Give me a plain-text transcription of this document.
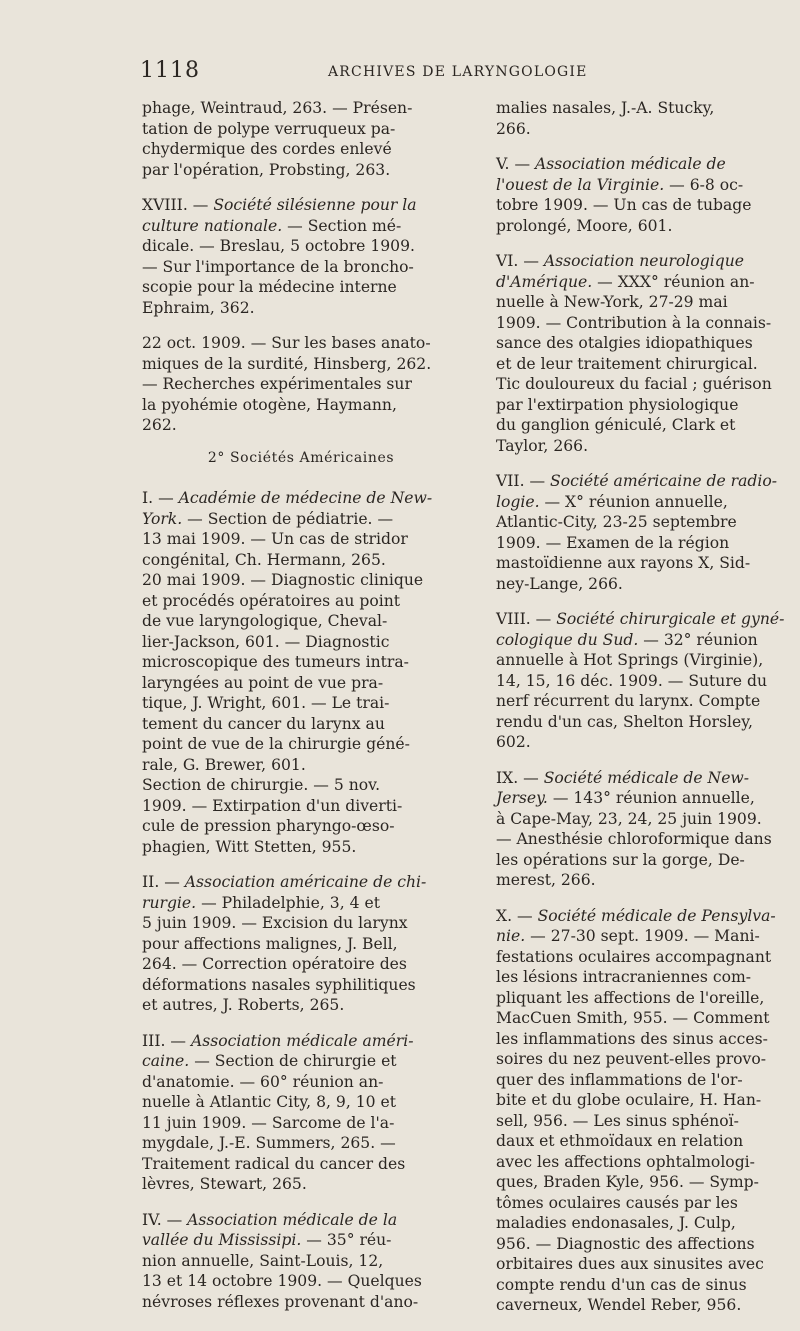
1118	ARCHIVES DE LARYNGOLOGIE

phage, Weintraud, 263. — Présen-
tation de polype verruqueux pa-
chydermique des cordes enlevé
par l'opération, Probsting, 263.

XVIII. — Société silésienne pour la
culture nationale. — Section mé-
dicale. — Breslau, 5 octobre 1909.
— Sur l'importance de la broncho-
scopie pour la médecine interne
Ephraim, 362.

22 oct. 1909. — Sur les bases anato-
miques de la surdité, Hinsberg, 262.
— Recherches expérimentales sur
la pyohémie otogène, Haymann,
262.

2° Sociétés Américaines

I. — Académie de médecine de New-
York. — Section de pédiatrie. —
13 mai 1909. — Un cas de stridor
congénital, Ch. Hermann, 265.

20 mai 1909. — Diagnostic clinique
et procédés opératoires au point
de vue laryngologique, Cheval-
lier-Jackson, 601. — Diagnostic
microscopique des tumeurs intra-
laryngées au point de vue pra-
tique, J. Wright, 601. — Le trai-
tement du cancer du larynx au
point de vue de la chirurgie géné-
rale, G. Brewer, 601.

Section de chirurgie. — 5 nov.
1909. — Extirpation d'un diverti-
cule de pression pharyngo-œso-
phagien, Witt Stetten, 955.

II. — Association américaine de chi-
rurgie. — Philadelphie, 3, 4 et
5 juin 1909. — Excision du larynx
pour affections malignes, J. Bell,
264. — Correction opératoire des
déformations nasales syphilitiques
et autres, J. Roberts, 265.

III. — Association médicale améri-
caine. — Section de chirurgie et
d'anatomie. — 60° réunion an-
nuelle à Atlantic City, 8, 9, 10 et
11 juin 1909. — Sarcome de l'a-
mygdale, J.-E. Summers, 265. —
Traitement radical du cancer des
lèvres, Stewart, 265.

IV. — Association médicale de la
vallée du Mississipi. — 35° réu-
nion annuelle, Saint-Louis, 12,
13 et 14 octobre 1909. — Quelques
névroses réflexes provenant d'ano-

malies nasales, J.-A. Stucky,
266.

V. — Association médicale de
l'ouest de la Virginie. — 6-8 oc-
tobre 1909. — Un cas de tubage
prolongé, Moore, 601.

VI. — Association neurologique
d'Amérique. — XXX° réunion an-
nuelle à New-York, 27-29 mai
1909. — Contribution à la connais-
sance des otalgies idiopathiques
et de leur traitement chirurgical.
Tic douloureux du facial ; guérison
par l'extirpation physiologique
du ganglion géniculé, Clark et
Taylor, 266.

VII. — Société américaine de radio-
logie. — X° réunion annuelle,
Atlantic-City, 23-25 septembre
1909. — Examen de la région
mastoïdienne aux rayons X, Sid-
ney-Lange, 266.

VIII. — Société chirurgicale et gyné-
cologique du Sud. — 32° réunion
annuelle à Hot Springs (Virginie),
14, 15, 16 déc. 1909. — Suture du
nerf récurrent du larynx. Compte
rendu d'un cas, Shelton Horsley,
602.

IX. — Société médicale de New-
Jersey. — 143° réunion annuelle,
à Cape-May, 23, 24, 25 juin 1909.
— Anesthésie chloroformique dans
les opérations sur la gorge, De-
merest, 266.

X. — Société médicale de Pensylva-
nie. — 27-30 sept. 1909. — Mani-
festations oculaires accompagnant
les lésions intracraniennes com-
pliquant les affections de l'oreille,
MacCuen Smith, 955. — Comment
les inflammations des sinus acces-
soires du nez peuvent-elles provo-
quer des inflammations de l'or-
bite et du globe oculaire, H. Han-
sell, 956. — Les sinus sphénoï-
daux et ethmoïdaux en relation
avec les affections ophtalmologi-
ques, Braden Kyle, 956. — Symp-
tômes oculaires causés par les
maladies endonasales, J. Culp,
956. — Diagnostic des affections
orbitaires dues aux sinusites avec
compte rendu d'un cas de sinus
caverneux, Wendel Reber, 956.
